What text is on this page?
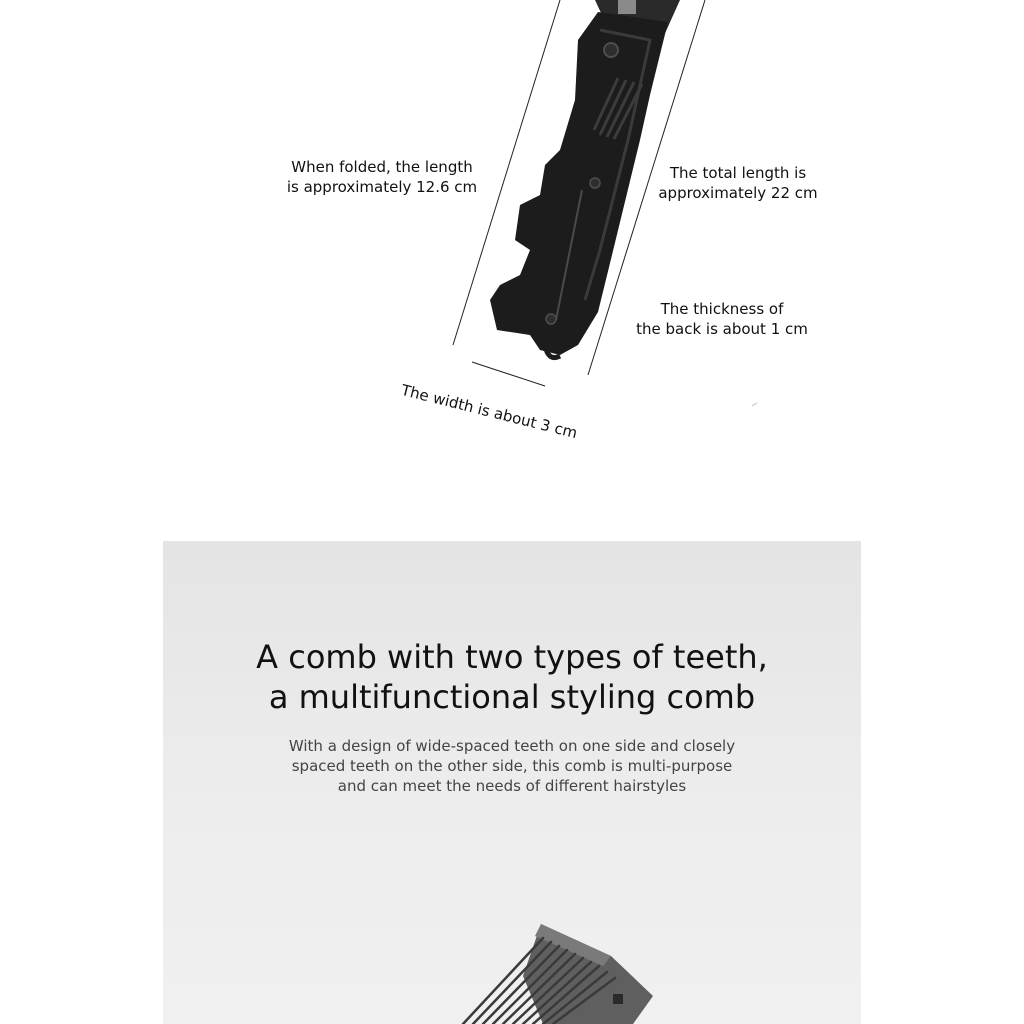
When folded, the length
is approximately 12.6 cm
The total length is
approximately 22 cm
The thickness of
the back is about 1 cm
The width is about 3 cm
A comb with two types of teeth,
a multifunctional styling comb
With a design of wide-spaced teeth on one side and closely
spaced teeth on the other side, this comb is multi-purpose
and can meet the needs of different hairstyles
